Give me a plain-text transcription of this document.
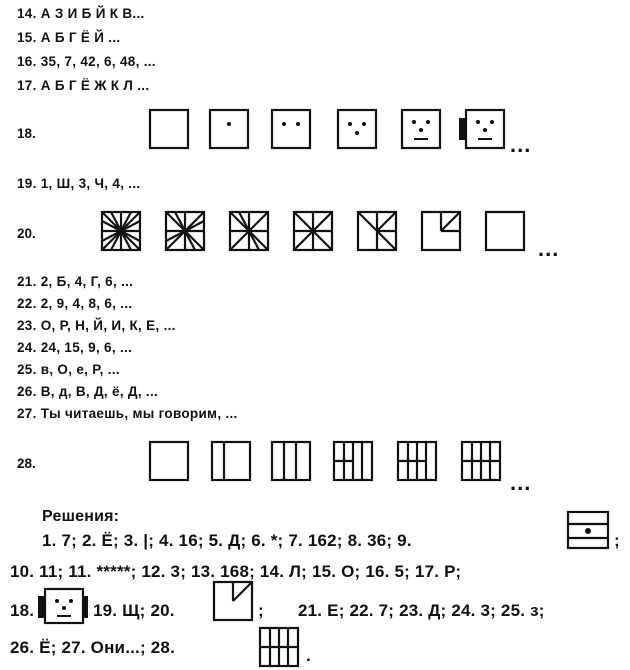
14. А З И Б Й К В...
15. А Б Г Ё Й ...
16. 35, 7, 42, 6, 48, ...
17. А Б Г Ё Ж К Л ...
18.	...
19. 1, Ш, 3, Ч, 4, ...
20.
...
21. 2, Б, 4, Г, 6, ...
22. 2, 9, 4, 8, 6, ...
23. О, Р, Н, Й, И, К, Е, ...
24. 24, 15, 9, 6, ...
25. в, О, е, Р, ...
26. В, д, В, Д, ё, Д, ...
27. Ты читаешь, мы говорим, ...
28.
...
Решения:
1. 7; 2. Ё; 3. |; 4. 16; 5. Д; 6. *; 7. 162; 8. 36; 9.	;
10. 11; 11. *****; 12. 3; 13. 168; 14. Л; 15. О; 16. 5; 17. Р;
18.	19. Щ; 20.	; 21. Е; 22. 7; 23. Д; 24. 3; 25. з;
26. Ё; 27. Они...; 28.	.
